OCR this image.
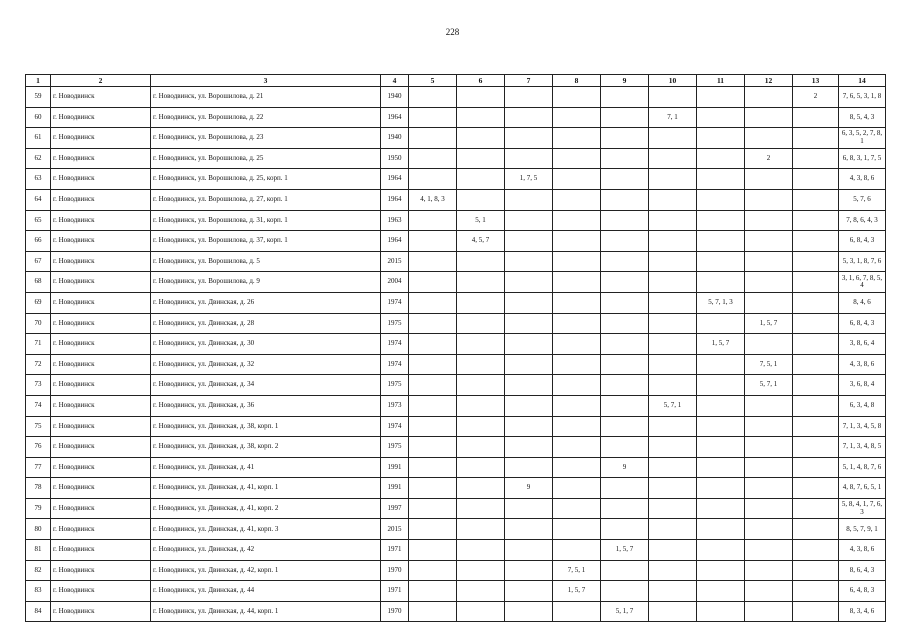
228
1	2	3	4	5	6	7	8	9	10	11	12	13	14
59	г. Новодвинск	г. Новодвинск, ул. Ворошилова, д. 21	1940									2	7, 6, 5, 3, 1, 8
60	г. Новодвинск	г. Новодвинск, ул. Ворошилова, д. 22	1964						7, 1				8, 5, 4, 3
61	г. Новодвинск	г. Новодвинск, ул. Ворошилова, д. 23	1940										6, 3, 5, 2, 7, 8, 1
62	г. Новодвинск	г. Новодвинск, ул. Ворошилова, д. 25	1950								2		6, 8, 3, 1, 7, 5
63	г. Новодвинск	г. Новодвинск, ул. Ворошилова, д. 25, корп. 1	1964			1, 7, 5							4, 3, 8, 6
64	г. Новодвинск	г. Новодвинск, ул. Ворошилова, д. 27, корп. 1	1964	4, 1, 8, 3									5, 7, 6
65	г. Новодвинск	г. Новодвинск, ул. Ворошилова, д. 31, корп. 1	1963		5, 1								7, 8, 6, 4, 3
66	г. Новодвинск	г. Новодвинск, ул. Ворошилова, д. 37, корп. 1	1964		4, 5, 7								6, 8, 4, 3
67	г. Новодвинск	г. Новодвинск, ул. Ворошилова, д. 5	2015										5, 3, 1, 8, 7, 6
68	г. Новодвинск	г. Новодвинск, ул. Ворошилова, д. 9	2004										3, 1, 6, 7, 8, 5, 4
69	г. Новодвинск	г. Новодвинск, ул. Двинская, д. 26	1974							5, 7, 1, 3			8, 4, 6
70	г. Новодвинск	г. Новодвинск, ул. Двинская, д. 28	1975								1, 5, 7		6, 8, 4, 3
71	г. Новодвинск	г. Новодвинск, ул. Двинская, д. 30	1974							1, 5, 7			3, 8, 6, 4
72	г. Новодвинск	г. Новодвинск, ул. Двинская, д. 32	1974								7, 5, 1		4, 3, 8, 6
73	г. Новодвинск	г. Новодвинск, ул. Двинская, д. 34	1975								5, 7, 1		3, 6, 8, 4
74	г. Новодвинск	г. Новодвинск, ул. Двинская, д. 36	1973						5, 7, 1				6, 3, 4, 8
75	г. Новодвинск	г. Новодвинск, ул. Двинская, д. 38, корп. 1	1974										7, 1, 3, 4, 5, 8
76	г. Новодвинск	г. Новодвинск, ул. Двинская, д. 38, корп. 2	1975										7, 1, 3, 4, 8, 5
77	г. Новодвинск	г. Новодвинск, ул. Двинская, д. 41	1991					9					5, 1, 4, 8, 7, 6
78	г. Новодвинск	г. Новодвинск, ул. Двинская, д. 41, корп. 1	1991			9							4, 8, 7, 6, 5, 1
79	г. Новодвинск	г. Новодвинск, ул. Двинская, д. 41, корп. 2	1997										5, 8, 4, 1, 7, 6, 3
80	г. Новодвинск	г. Новодвинск, ул. Двинская, д. 41, корп. 3	2015										8, 5, 7, 9, 1
81	г. Новодвинск	г. Новодвинск, ул. Двинская, д. 42	1971					1, 5, 7					4, 3, 8, 6
82	г. Новодвинск	г. Новодвинск, ул. Двинская, д. 42, корп. 1	1970				7, 5, 1						8, 6, 4, 3
83	г. Новодвинск	г. Новодвинск, ул. Двинская, д. 44	1971				1, 5, 7						6, 4, 8, 3
84	г. Новодвинск	г. Новодвинск, ул. Двинская, д. 44, корп. 1	1970					5, 1, 7					8, 3, 4, 6
